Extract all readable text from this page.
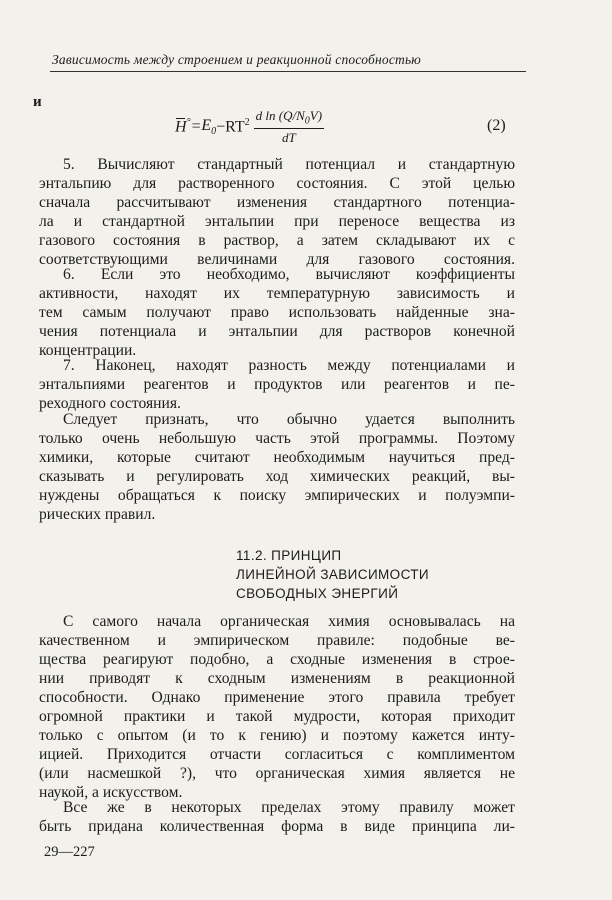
Зависимость между строением и реакционной способностью
и
$H^\circ = E_0 -RT^2 \frac{d \ln (Q/N_0V)}{dT}$	(2)
5. Вычисляют стандартный потенциал и стандартную
энтальпию для растворенного состояния. С этой целью
сначала рассчитывают изменения стандартного потенциа-
ла и стандартной энтальпии при переносе вещества из
газового состояния в раствор, а затем складывают их с
соответствующими величинами для газового состояния.
6. Если это необходимо, вычисляют коэффициенты
активности, находят их температурную зависимость и
тем самым получают право использовать найденные зна-
чения потенциала и энтальпии для растворов конечной
концентрации.
7. Наконец, находят разность между потенциалами и
энтальпиями реагентов и продуктов или реагентов и пе-
реходного состояния.
Следует признать, что обычно удается выполнить
только очень небольшую часть этой программы. Поэтому
химики, которые считают необходимым научиться пред-
сказывать и регулировать ход химических реакций, вы-
нуждены обращаться к поиску эмпирических и полуэмпи-
рических правил.
11.2. ПРИНЦИП
ЛИНЕЙНОЙ ЗАВИСИМОСТИ
СВОБОДНЫХ ЭНЕРГИЙ
С самого начала органическая химия основывалась на
качественном и эмпирическом правиле: подобные ве-
щества реагируют подобно, а сходные изменения в строе-
нии приводят к сходным изменениям в реакционной
способности. Однако применение этого правила требует
огромной практики и такой мудрости, которая приходит
только с опытом (и то к гению) и поэтому кажется инту-
ицией. Приходится отчасти согласиться с комплиментом
(или насмешкой ?), что органическая химия является не
наукой, а искусством.
Все же в некоторых пределах этому правилу может
быть придана количественная форма в виде принципа ли-
29—227
